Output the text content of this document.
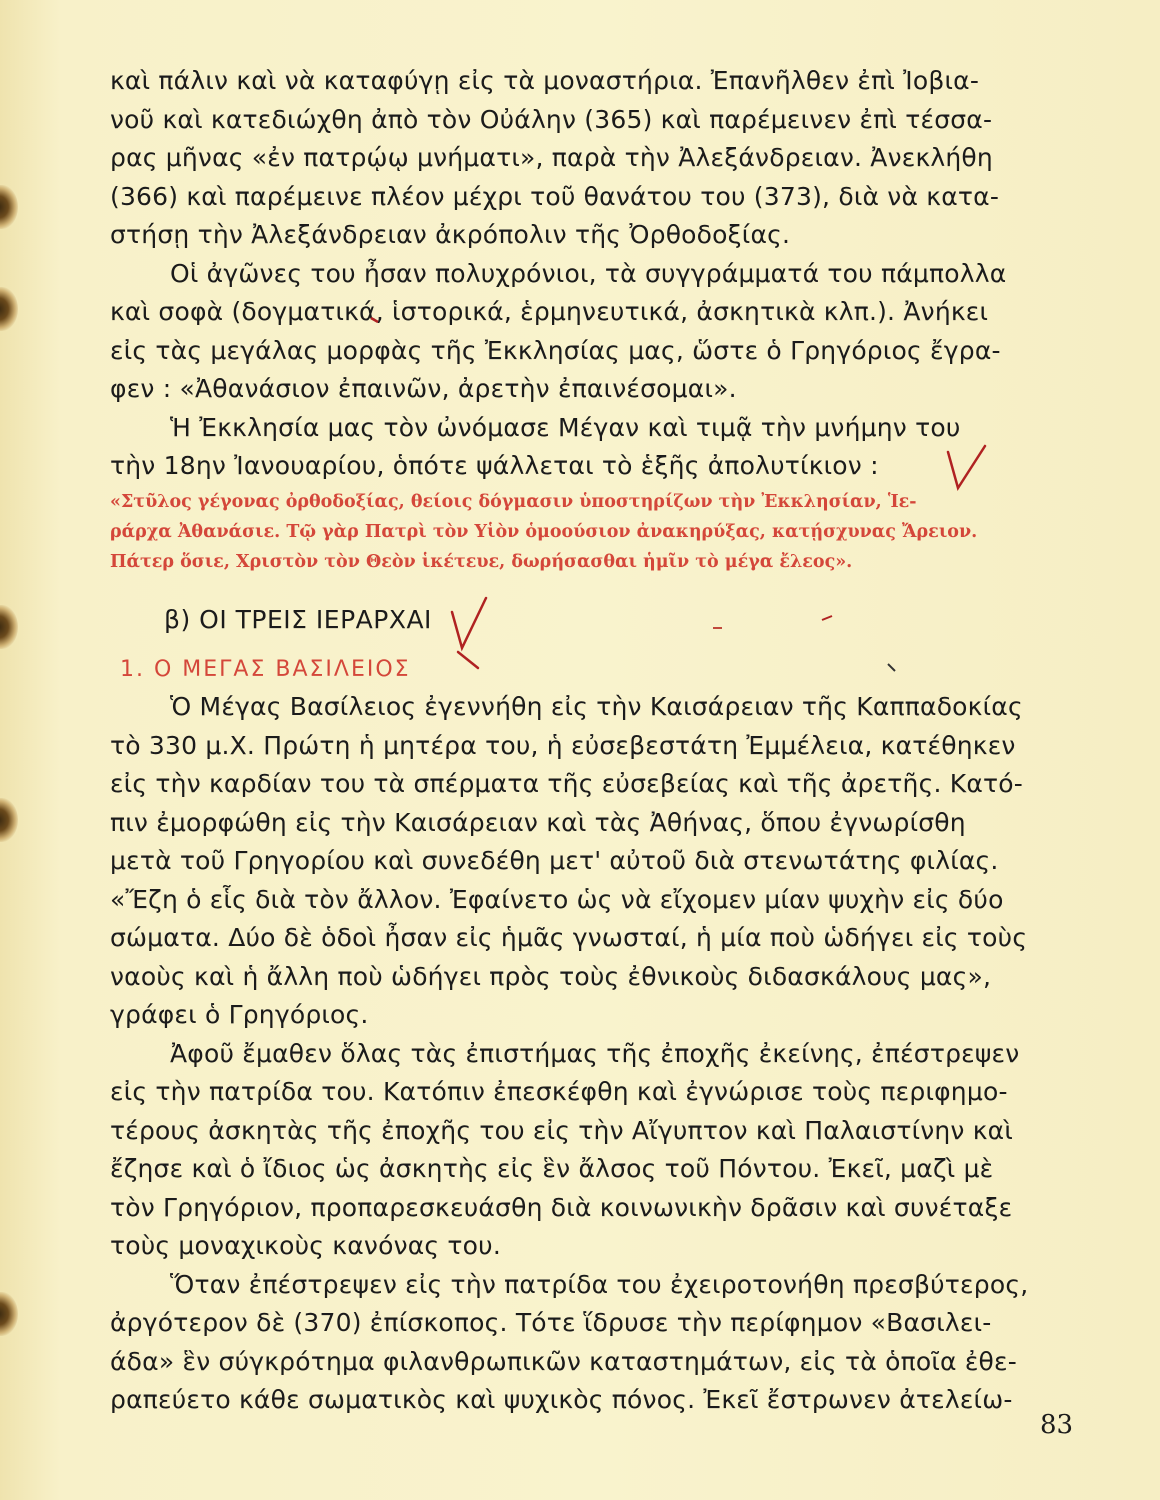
καὶ πάλιν καὶ νὰ καταφύγῃ εἰς τὰ μοναστήρια. Ἐπανῆλθεν ἐπὶ Ἰοβια-
νοῦ καὶ κατεδιώχθη ἀπὸ τὸν Οὐάλην (365) καὶ παρέμεινεν ἐπὶ τέσσα-
ρας μῆνας «ἐν πατρῴῳ μνήματι», παρὰ τὴν Ἀλεξάνδρειαν. Ἀνεκλήθη
(366) καὶ παρέμεινε πλέον μέχρι τοῦ θανάτου του (373), διὰ νὰ κατα-
στήσῃ τὴν Ἀλεξάνδρειαν ἀκρόπολιν τῆς Ὀρθοδοξίας.
Οἱ ἀγῶνες του ἦσαν πολυχρόνιοι, τὰ συγγράμματά του πάμπολλα
καὶ σοφὰ (δογματικά, ἱστορικά, ἑρμηνευτικά, ἀσκητικὰ κλπ.). Ἀνήκει
εἰς τὰς μεγάλας μορφὰς τῆς Ἐκκλησίας μας, ὥστε ὁ Γρηγόριος ἔγρα-
φεν : «Ἀθανάσιον ἐπαινῶν, ἀρετὴν ἐπαινέσομαι».
Ἡ Ἐκκλησία μας τὸν ὠνόμασε Μέγαν καὶ τιμᾷ τὴν μνήμην του
τὴν 18ην Ἰανουαρίου, ὁπότε ψάλλεται τὸ ἑξῆς ἀπολυτίκιον :
«Στῦλος γέγονας ὀρθοδοξίας, θείοις δόγμασιν ὑποστηρίζων τὴν Ἐκκλησίαν, Ἱε-
ράρχα Ἀθανάσιε. Τῷ γὰρ Πατρὶ τὸν Υἱὸν ὁμοούσιον ἀνακηρύξας, κατῄσχυνας Ἄρειον.
Πάτερ ὅσιε, Χριστὸν τὸν Θεὸν ἱκέτευε, δωρήσασθαι ἡμῖν τὸ μέγα ἔλεος».
β) ΟΙ ΤΡΕΙΣ ΙΕΡΑΡΧΑΙ
1. Ο ΜΕΓΑΣ ΒΑΣΙΛΕΙΟΣ
Ὁ Μέγας Βασίλειος ἐγεννήθη εἰς τὴν Καισάρειαν τῆς Καππαδοκίας
τὸ 330 μ.Χ. Πρώτη ἡ μητέρα του, ἡ εὐσεβεστάτη Ἐμμέλεια, κατέθηκεν
εἰς τὴν καρδίαν του τὰ σπέρματα τῆς εὐσεβείας καὶ τῆς ἀρετῆς. Κατό-
πιν ἐμορφώθη εἰς τὴν Καισάρειαν καὶ τὰς Ἀθήνας, ὅπου ἐγνωρίσθη
μετὰ τοῦ Γρηγορίου καὶ συνεδέθη μετ' αὐτοῦ διὰ στενωτάτης φιλίας.
«Ἔζη ὁ εἷς διὰ τὸν ἄλλον. Ἐφαίνετο ὡς νὰ εἴχομεν μίαν ψυχὴν εἰς δύο
σώματα. Δύο δὲ ὁδοὶ ἦσαν εἰς ἡμᾶς γνωσταί, ἡ μία ποὺ ὡδήγει εἰς τοὺς
ναοὺς καὶ ἡ ἄλλη ποὺ ὡδήγει πρὸς τοὺς ἐθνικοὺς διδασκάλους μας»,
γράφει ὁ Γρηγόριος.
Ἀφοῦ ἔμαθεν ὅλας τὰς ἐπιστήμας τῆς ἐποχῆς ἐκείνης, ἐπέστρεψεν
εἰς τὴν πατρίδα του. Κατόπιν ἐπεσκέφθη καὶ ἐγνώρισε τοὺς περιφημο-
τέρους ἀσκητὰς τῆς ἐποχῆς του εἰς τὴν Αἴγυπτον καὶ Παλαιστίνην καὶ
ἔζησε καὶ ὁ ἴδιος ὡς ἀσκητὴς εἰς ἓν ἄλσος τοῦ Πόντου. Ἐκεῖ, μαζὶ μὲ
τὸν Γρηγόριον, προπαρεσκευάσθη διὰ κοινωνικὴν δρᾶσιν καὶ συνέταξε
τοὺς μοναχικοὺς κανόνας του.
Ὅταν ἐπέστρεψεν εἰς τὴν πατρίδα του ἐχειροτονήθη πρεσβύτερος,
ἀργότερον δὲ (370) ἐπίσκοπος. Τότε ἵδρυσε τὴν περίφημον «Βασιλει-
άδα» ἓν σύγκρότημα φιλανθρωπικῶν καταστημάτων, εἰς τὰ ὁποῖα ἐθε-
ραπεύετο κάθε σωματικὸς καὶ ψυχικὸς πόνος. Ἐκεῖ ἔστρωνεν ἀτελείω-
83
